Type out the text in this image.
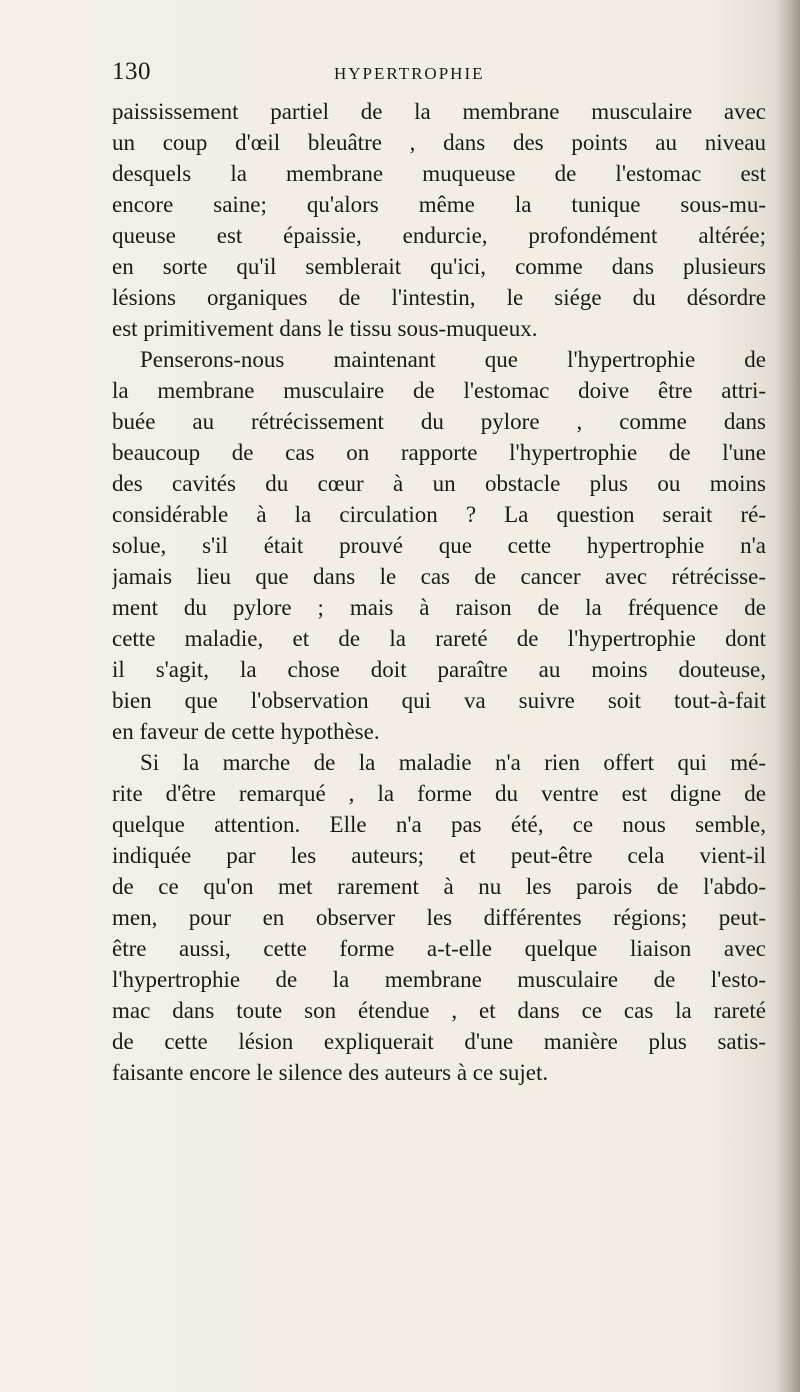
130	HYPERTROPHIE
paississement partiel de la membrane musculaire avec
un coup d'œil bleuâtre , dans des points au niveau
desquels la membrane muqueuse de l'estomac est
encore saine; qu'alors même la tunique sous-mu-
queuse est épaissie, endurcie, profondément altérée;
en sorte qu'il semblerait qu'ici, comme dans plusieurs
lésions organiques de l'intestin, le siége du désordre
est primitivement dans le tissu sous-muqueux.
Penserons-nous maintenant que l'hypertrophie de
la membrane musculaire de l'estomac doive être attri-
buée au rétrécissement du pylore , comme dans
beaucoup de cas on rapporte l'hypertrophie de l'une
des cavités du cœur à un obstacle plus ou moins
considérable à la circulation ? La question serait ré-
solue, s'il était prouvé que cette hypertrophie n'a
jamais lieu que dans le cas de cancer avec rétrécisse-
ment du pylore ; mais à raison de la fréquence de
cette maladie, et de la rareté de l'hypertrophie dont
il s'agit, la chose doit paraître au moins douteuse,
bien que l'observation qui va suivre soit tout-à-fait
en faveur de cette hypothèse.
Si la marche de la maladie n'a rien offert qui mé-
rite d'être remarqué , la forme du ventre est digne de
quelque attention. Elle n'a pas été, ce nous semble,
indiquée par les auteurs; et peut-être cela vient-il
de ce qu'on met rarement à nu les parois de l'abdo-
men, pour en observer les différentes régions; peut-
être aussi, cette forme a-t-elle quelque liaison avec
l'hypertrophie de la membrane musculaire de l'esto-
mac dans toute son étendue , et dans ce cas la rareté
de cette lésion expliquerait d'une manière plus satis-
faisante encore le silence des auteurs à ce sujet.
